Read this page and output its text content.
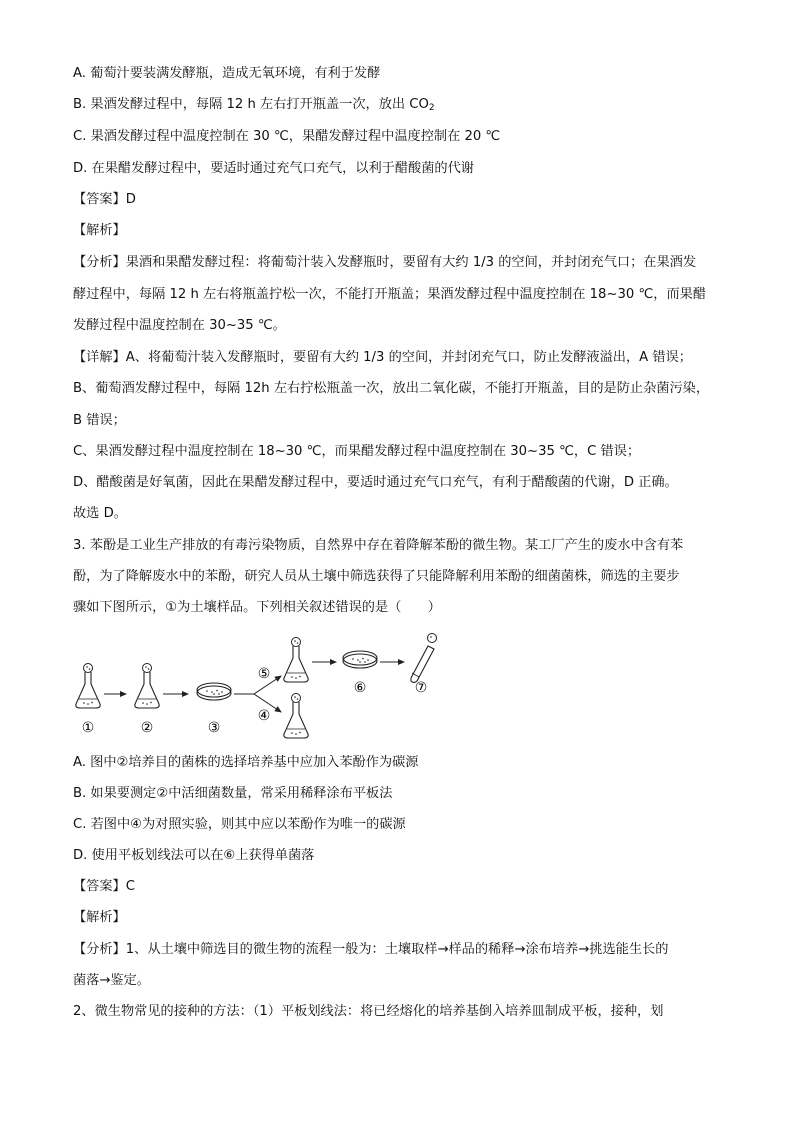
A. 葡萄汁要装满发酵瓶，造成无氧环境，有利于发酵
B. 果酒发酵过程中，每隔 12 h 左右打开瓶盖一次，放出 $CO_2$
C. 果酒发酵过程中温度控制在 30 ℃，果醋发酵过程中温度控制在 20 ℃
D. 在果醋发酵过程中，要适时通过充气口充气，以利于醋酸菌的代谢
【答案】D
【解析】
【分析】果酒和果醋发酵过程：将葡萄汁装入发酵瓶时，要留有大约 1/3 的空间，并封闭充气口；在果酒发
酵过程中，每隔 12 h 左右将瓶盖拧松一次，不能打开瓶盖；果酒发酵过程中温度控制在 18~30 ℃，而果醋
发酵过程中温度控制在 30~35 ℃。
【详解】A、将葡萄汁装入发酵瓶时，要留有大约 1/3 的空间，并封闭充气口，防止发酵液溢出，A 错误；
B、葡萄酒发酵过程中，每隔 12h 左右拧松瓶盖一次，放出二氧化碳，不能打开瓶盖，目的是防止杂菌污染，
B 错误；
C、果酒发酵过程中温度控制在 18~30 ℃，而果醋发酵过程中温度控制在 30~35 ℃，C 错误；
D、醋酸菌是好氧菌，因此在果醋发酵过程中，要适时通过充气口充气，有利于醋酸菌的代谢，D 正确。
故选 D。
3. 苯酚是工业生产排放的有毒污染物质，自然界中存在着降解苯酚的微生物。某工厂产生的废水中含有苯
酚，为了降解废水中的苯酚，研究人员从土壤中筛选获得了只能降解利用苯酚的细菌菌株，筛选的主要步
骤如下图所示，①为土壤样品。下列相关叙述错误的是（　　）
①	②	③
⑤
④
⑥	⑦
A. 图中②培养目的菌株的选择培养基中应加入苯酚作为碳源
B. 如果要测定②中活细菌数量，常采用稀释涂布平板法
C. 若图中④为对照实验，则其中应以苯酚作为唯一的碳源
D. 使用平板划线法可以在⑥上获得单菌落
【答案】C
【解析】
【分析】1、从土壤中筛选目的微生物的流程一般为：土壤取样→样品的稀释→涂布培养→挑选能生长的
菌落→鉴定。
2、微生物常见的接种的方法：（1）平板划线法：将已经熔化的培养基倒入培养皿制成平板，接种，划
